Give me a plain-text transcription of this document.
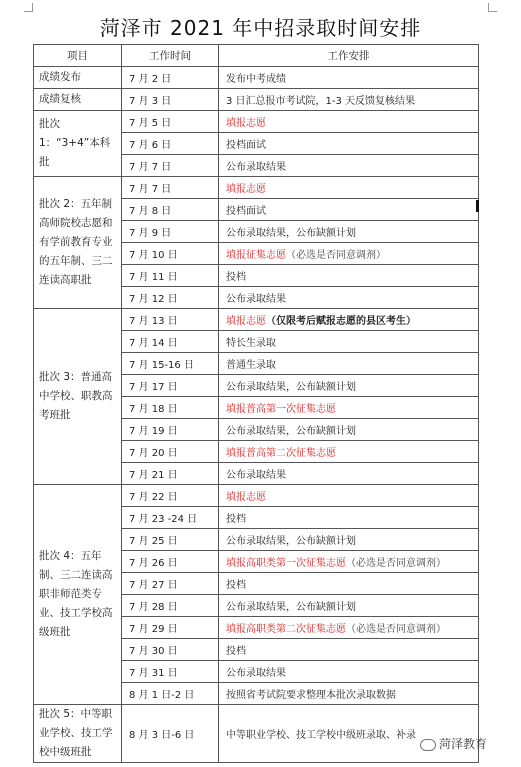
菏泽市 2021 年中招录取时间安排
项目	工作时间	工作安排
成绩发布	7 月 2 日	发布中考成绩
成绩复核	7 月 3 日	3 日汇总报市考试院，1-3 天反馈复核结果
批次 1：“3+4”本科批	7 月 5 日	填报志愿
	7 月 6 日	投档面试
	7 月 7 日	公布录取结果
批次 2：五年制高师院校志愿和有学前教育专业的五年制、三二连读高职批	7 月 7 日	填报志愿
	7 月 8 日	投档面试
	7 月 9 日	公布录取结果，公布缺额计划
	7 月 10 日	填报征集志愿（必选是否同意调剂）
	7 月 11 日	投档
	7 月 12 日	公布录取结果
批次 3：普通高中学校、职教高考班批	7 月 13 日	填报志愿（仅限考后赋报志愿的县区考生）
	7 月 14 日	特长生录取
	7 月 15-16 日	普通生录取
	7 月 17 日	公布录取结果，公布缺额计划
	7 月 18 日	填报普高第一次征集志愿
	7 月 19 日	公布录取结果，公布缺额计划
	7 月 20 日	填报普高第二次征集志愿
	7 月 21 日	公布录取结果
批次 4：五年制、三二连读高职非师范类专业、技工学校高级班批	7 月 22 日	填报志愿
	7 月 23 -24 日	投档
	7 月 25 日	公布录取结果，公布缺额计划
	7 月 26 日	填报高职类第一次征集志愿（必选是否同意调剂）
	7 月 27 日	投档
	7 月 28 日	公布录取结果，公布缺额计划
	7 月 29 日	填报高职类第二次征集志愿（必选是否同意调剂）
	7 月 30 日	投档
	7 月 31 日	公布录取结果
	8 月 1 日-2 日	按照省考试院要求整理本批次录取数据
批次 5：中等职业学校、技工学校中级班批	8 月 3 日-6 日	中等职业学校、技工学校中级班录取、补录
菏泽教育
